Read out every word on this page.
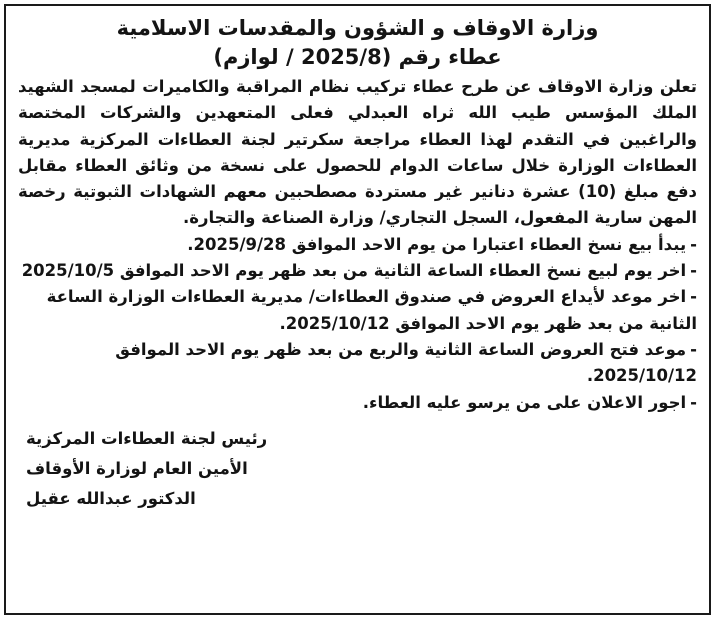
وزارة الاوقاف و الشؤون والمقدسات الاسلامية
عطاء رقم (2025/8 / لوازم)

تعلن وزارة الاوقاف عن طرح عطاء تركيب نظام المراقبة والكاميرات لمسجد الشهيد الملك المؤسس طيب الله ثراه العبدلي فعلى المتعهدين والشركات المختصة والراغبين في التقدم لهذا العطاء مراجعة سكرتير لجنة العطاءات المركزية مديرية العطاءات الوزارة خلال ساعات الدوام للحصول على نسخة من وثائق العطاء مقابل دفع مبلغ (10) عشرة دنانير غير مستردة مصطحبين معهم الشهادات الثبوتية رخصة المهن سارية المفعول، السجل التجاري/ وزارة الصناعة والتجارة.

-يبدأ بيع نسخ العطاء اعتبارا من يوم الاحد الموافق 2025/9/28.
-اخر يوم لبيع نسخ العطاء الساعة الثانية من بعد ظهر يوم الاحد الموافق 2025/10/5
-اخر موعد لأيداع العروض في صندوق العطاءات/ مديرية العطاءات الوزارة الساعة الثانية من بعد ظهر يوم الاحد الموافق 2025/10/12.
-موعد فتح العروض الساعة الثانية والربع من بعد ظهر يوم الاحد الموافق 2025/10/12.
-اجور الاعلان على من يرسو عليه العطاء.
رئيس لجنة العطاءات المركزية
الأمين العام لوزارة الأوقاف
الدكتور عبدالله عقيل
